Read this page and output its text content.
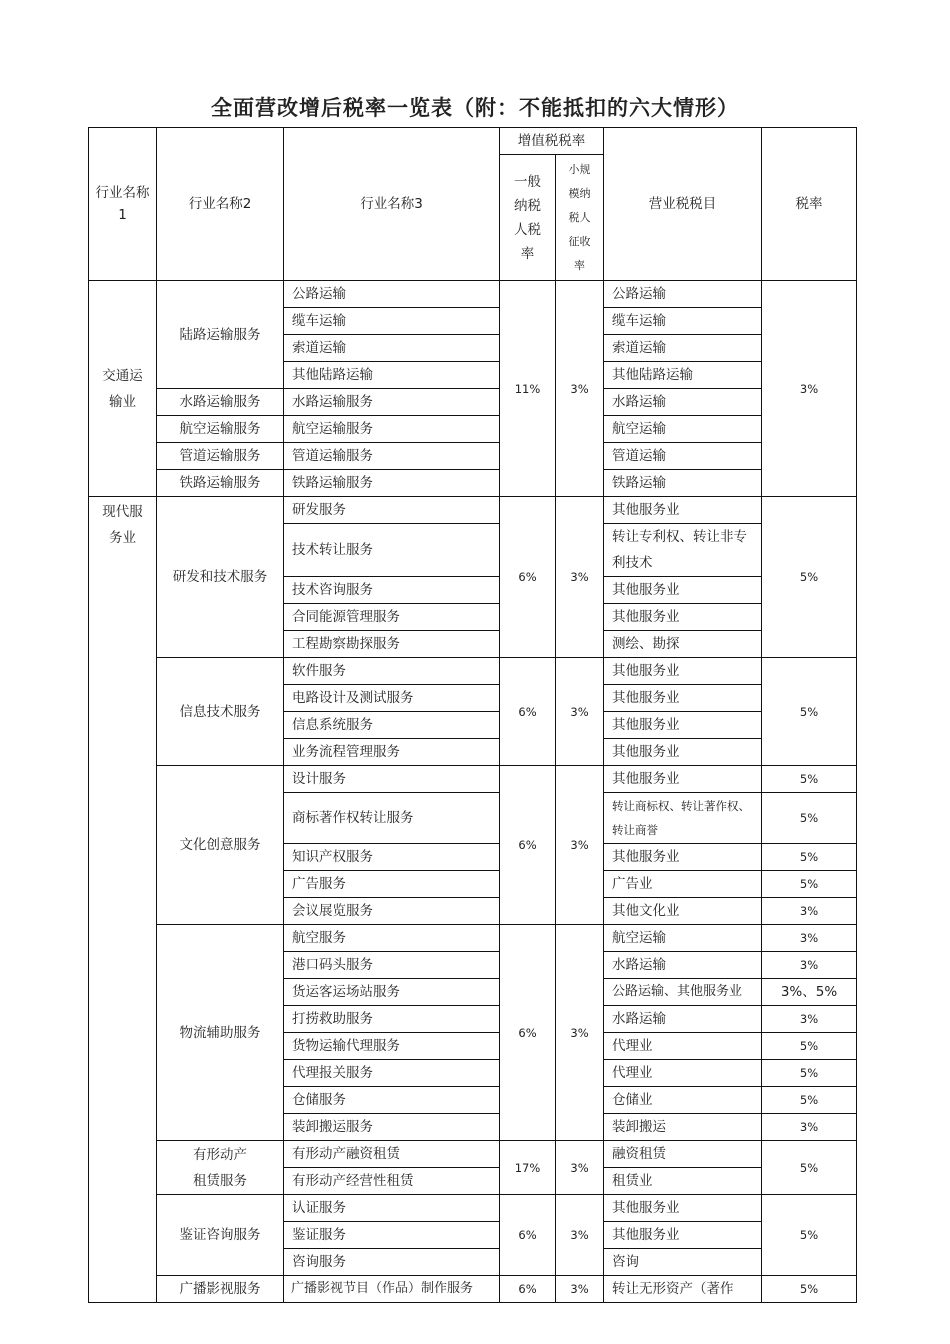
全面营改增后税率一览表（附：不能抵扣的六大情形）
行业名称1	行业名称2	行业名称3	增值税税率		营业税税目	税率
			一般纳税人税率	小规模纳税人征收率		
交通运输业	陆路运输服务	公路运输	11%	3%	公路运输	3%
		缆车运输			缆车运输	
		索道运输			索道运输	
		其他陆路运输			其他陆路运输	
	水路运输服务	水路运输服务			水路运输	
	航空运输服务	航空运输服务			航空运输	
	管道运输服务	管道运输服务			管道运输	
	铁路运输服务	铁路运输服务			铁路运输	
现代服务业	研发和技术服务	研发服务	6%	3%	其他服务业	5%
		技术转让服务			转让专利权、转让非专利技术	
		技术咨询服务			其他服务业	
		合同能源管理服务			其他服务业	
		工程勘察勘探服务			测绘、勘探	
	信息技术服务	软件服务	6%	3%	其他服务业	5%
		电路设计及测试服务			其他服务业	
		信息系统服务			其他服务业	
		业务流程管理服务			其他服务业	
	文化创意服务	设计服务	6%	3%	其他服务业	5%
		商标著作权转让服务			转让商标权、转让著作权、转让商誉	5%
		知识产权服务			其他服务业	5%
		广告服务			广告业	5%
		会议展览服务			其他文化业	3%
	物流辅助服务	航空服务	6%	3%	航空运输	3%
		港口码头服务			水路运输	3%
		货运客运场站服务			公路运输、其他服务业	3%、5%
		打捞救助服务			水路运输	3%
		货物运输代理服务			代理业	5%
		代理报关服务			代理业	5%
		仓储服务			仓储业	5%
		装卸搬运服务			装卸搬运	3%
	有形动产租赁服务	有形动产融资租赁	17%	3%	融资租赁	5%
		有形动产经营性租赁			租赁业	
	鉴证咨询服务	认证服务	6%	3%	其他服务业	5%
		鉴证服务			其他服务业	
		咨询服务			咨询	
	广播影视服务	广播影视节目（作品）制作服务	6%	3%	转让无形资产（著作	5%
